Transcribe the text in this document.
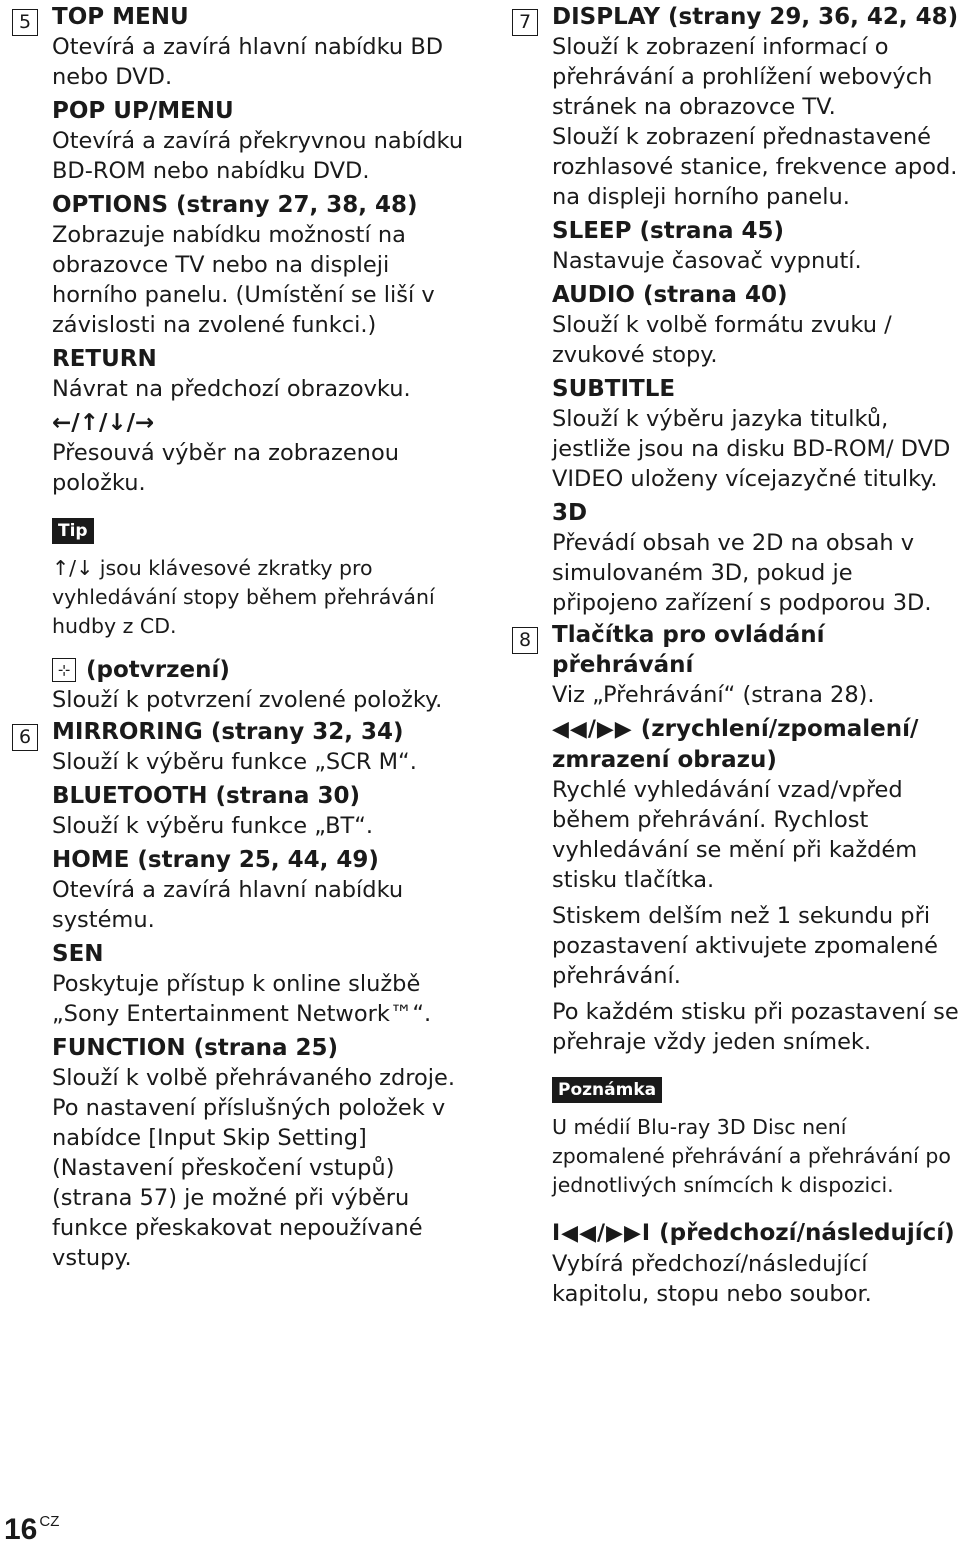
5 TOP MENU
Otevírá a zavírá hlavní nabídku BD nebo DVD.
POP UP/MENU
Otevírá a zavírá překryvnou nabídku BD-ROM nebo nabídku DVD.
OPTIONS (strany 27, 38, 48)
Zobrazuje nabídku možností na obrazovce TV nebo na displeji horního panelu. (Umístění se liší v závislosti na zvolené funkci.)
RETURN
Návrat na předchozí obrazovku.
←/↑/↓/→
Přesouvá výběr na zobrazenou položku.
Tip
↑/↓ jsou klávesové zkratky pro vyhledávání stopy během přehrávání hudby z CD.
⊹ (potvrzení)
Slouží k potvrzení zvolené položky.
6 MIRRORING (strany 32, 34)
Slouží k výběru funkce „SCR M“.
BLUETOOTH (strana 30)
Slouží k výběru funkce „BT“.
HOME (strany 25, 44, 49)
Otevírá a zavírá hlavní nabídku systému.
SEN
Poskytuje přístup k online službě „Sony Entertainment Network™“.
FUNCTION (strana 25)
Slouží k volbě přehrávaného zdroje. Po nastavení příslušných položek v nabídce [Input Skip Setting] (Nastavení přeskočení vstupů) (strana 57) je možné při výběru funkce přeskakovat nepoužívané vstupy.
7 DISPLAY (strany 29, 36, 42, 48)
Slouží k zobrazení informací o přehrávání a prohlížení webových stránek na obrazovce TV.
Slouží k zobrazení přednastavené rozhlasové stanice, frekvence apod. na displeji horního panelu.
SLEEP (strana 45)
Nastavuje časovač vypnutí.
AUDIO (strana 40)
Slouží k volbě formátu zvuku / zvukové stopy.
SUBTITLE
Slouží k výběru jazyka titulků, jestliže jsou na disku BD-ROM/ DVD VIDEO uloženy vícejazyčné titulky.
3D
Převádí obsah ve 2D na obsah v simulovaném 3D, pokud je připojeno zařízení s podporou 3D.
8 Tlačítka pro ovládání přehrávání
Viz „Přehrávání“ (strana 28).
◀◀/▶▶ (zrychlení/zpomalení/ zmrazení obrazu)
Rychlé vyhledávání vzad/vpřed během přehrávání. Rychlost vyhledávání se mění při každém stisku tlačítka.
Stiskem delším než 1 sekundu při pozastavení aktivujete zpomalené přehrávání.
Po každém stisku při pozastavení se přehraje vždy jeden snímek.
Poznámka
U médií Blu-ray 3D Disc není zpomalené přehrávání a přehrávání po jednotlivých snímcích k dispozici.
I◀◀/▶▶I (předchozí/následující)
Vybírá předchozí/následující kapitolu, stopu nebo soubor.
16 $^{CZ}$
